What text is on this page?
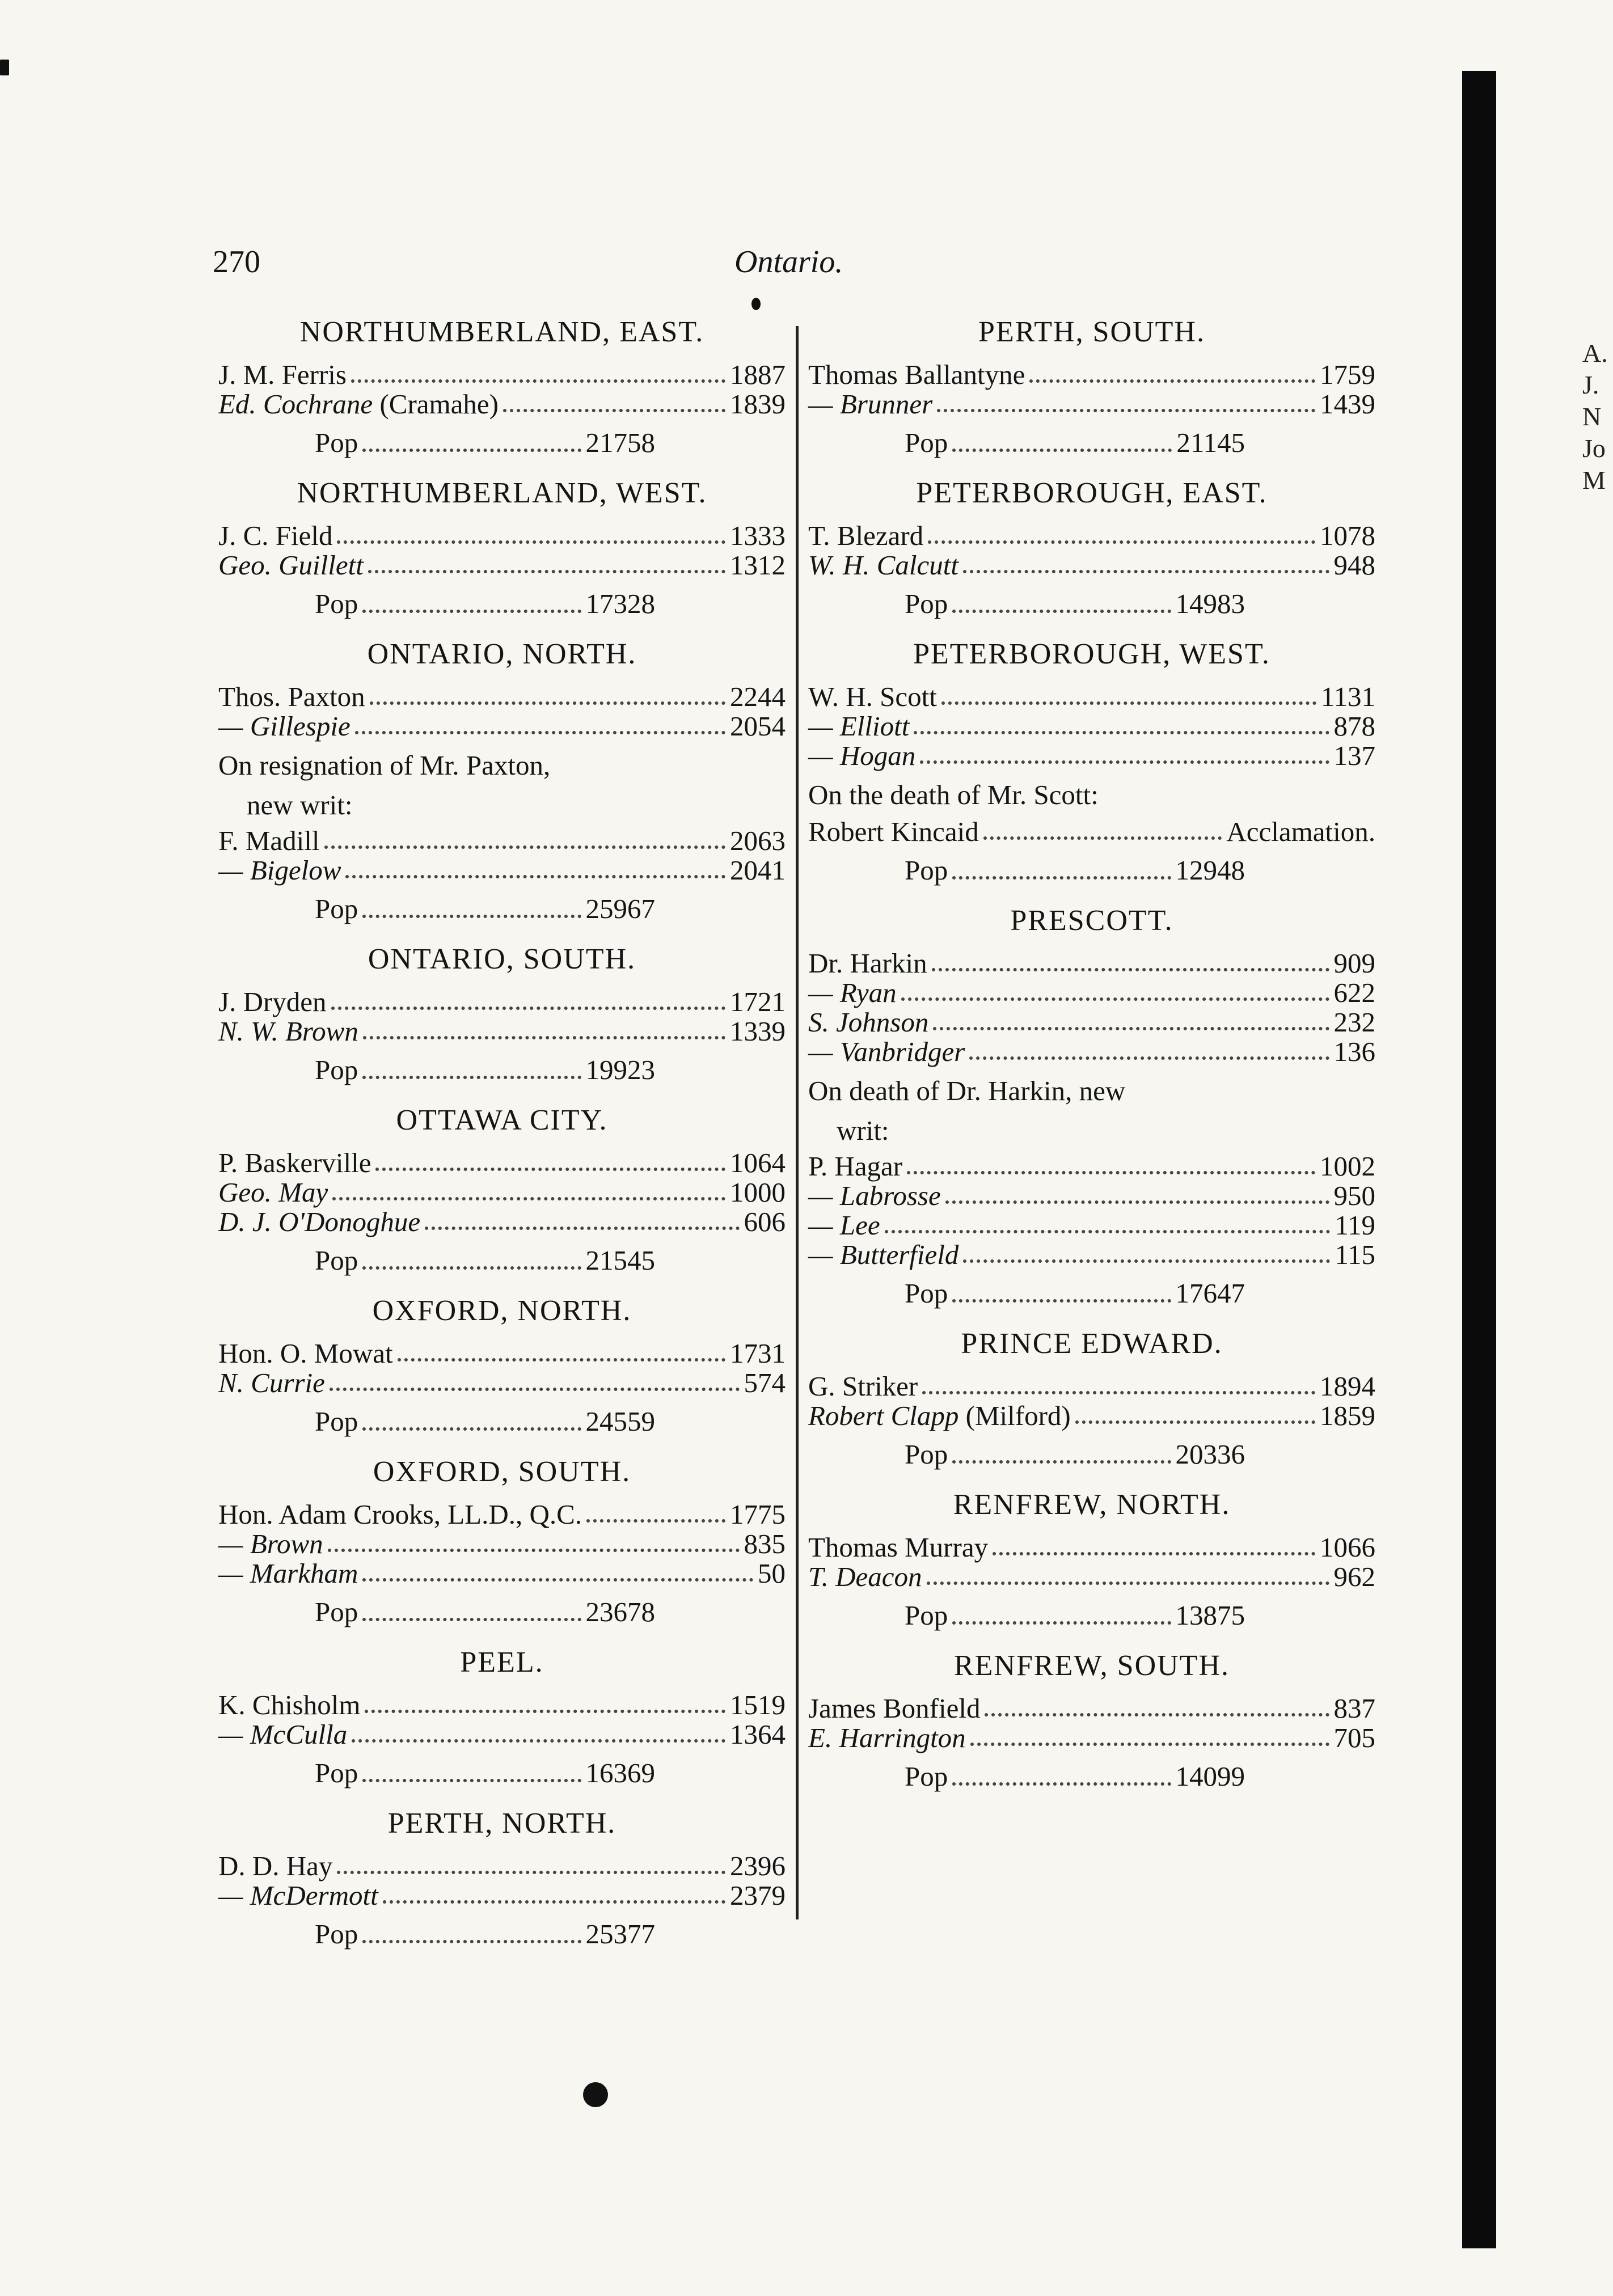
270	Ontario.
NORTHUMBERLAND, EAST.
J. M. Ferris	1887
Ed. Cochrane (Cramahe)	1839
Pop	21758
NORTHUMBERLAND, WEST.
J. C. Field	1333
Geo. Guillett	1312
Pop	17328
ONTARIO, NORTH.
Thos. Paxton	2244
— Gillespie	2054
On resignation of Mr. Paxton,
new writ:
F. Madill	2063
— Bigelow	2041
Pop	25967
ONTARIO, SOUTH.
J. Dryden	1721
N. W. Brown	1339
Pop	19923
OTTAWA CITY.
P. Baskerville	1064
Geo. May	1000
D. J. O'Donoghue	606
Pop	21545
OXFORD, NORTH.
Hon. O. Mowat	1731
N. Currie	574
Pop	24559
OXFORD, SOUTH.
Hon. Adam Crooks, LL.D., Q.C.	1775
— Brown	835
— Markham	50
Pop	23678
PEEL.
K. Chisholm	1519
— McCulla	1364
Pop	16369
PERTH, NORTH.
D. D. Hay	2396
— McDermott	2379
Pop	25377
PERTH, SOUTH.
Thomas Ballantyne	1759
— Brunner	1439
Pop	21145
PETERBOROUGH, EAST.
T. Blezard	1078
W. H. Calcutt	948
Pop	14983
PETERBOROUGH, WEST.
W. H. Scott	1131
— Elliott	878
— Hogan	137
On the death of Mr. Scott:
Robert Kincaid	Acclamation.
Pop	12948
PRESCOTT.
Dr. Harkin	909
— Ryan	622
S. Johnson	232
— Vanbridger	136
On death of Dr. Harkin, new
writ:
P. Hagar	1002
— Labrosse	950
— Lee	119
— Butterfield	115
Pop	17647
PRINCE EDWARD.
G. Striker	1894
Robert Clapp (Milford)	1859
Pop	20336
RENFREW, NORTH.
Thomas Murray	1066
T. Deacon	962
Pop	13875
RENFREW, SOUTH.
James Bonfield	837
E. Harrington	705
Pop	14099
A.
J.
N
Jo
M
